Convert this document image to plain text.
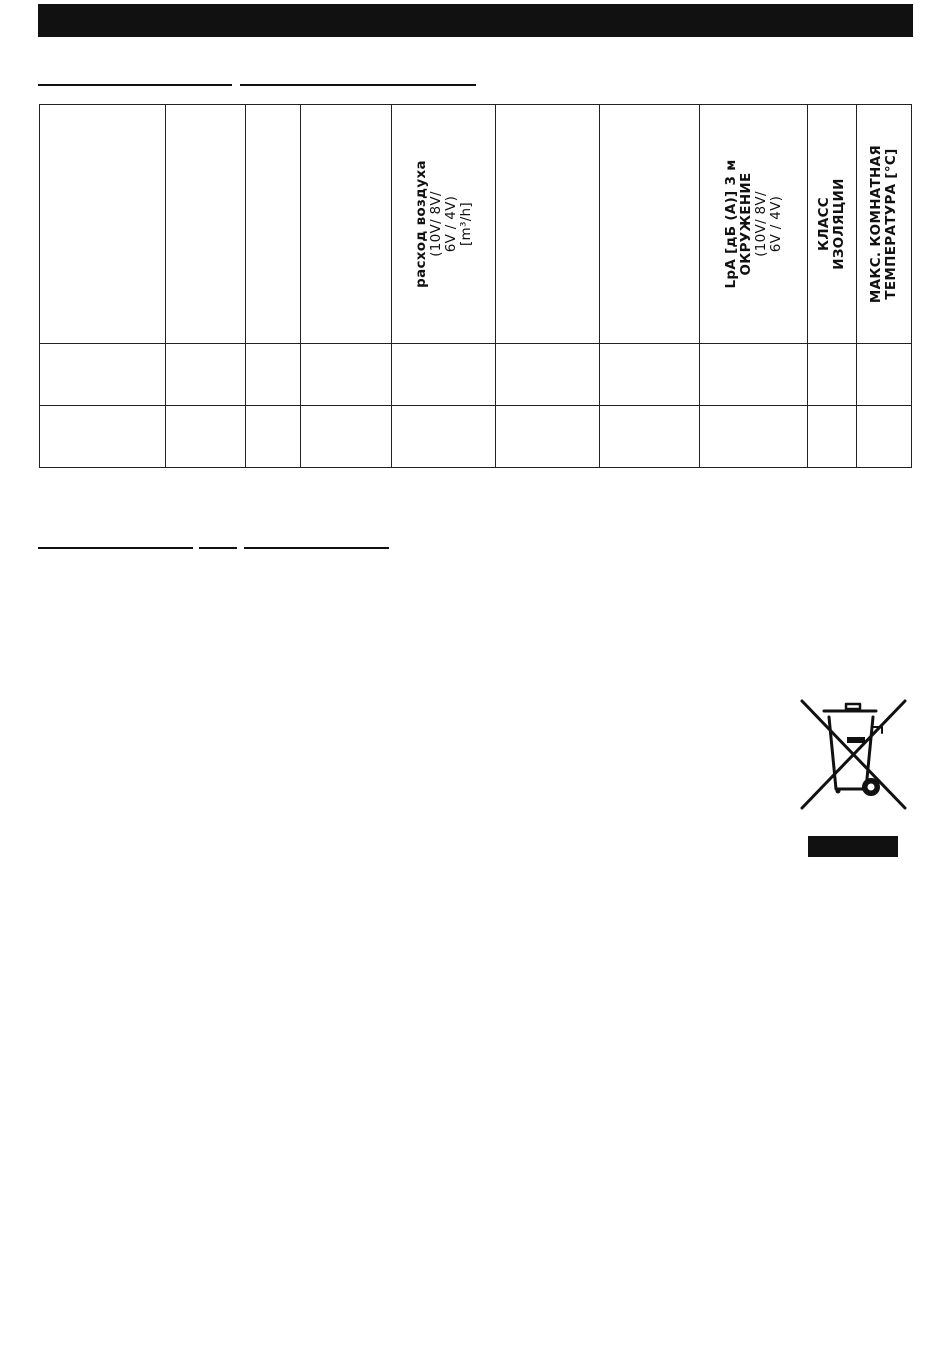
				расход воздуха (10V/ 8V/ 6V / 4V) [m³/h]			LpA [дБ (A)] 3 м ОКРУЖЕНИЕ (10V/ 8V/ 6V / 4V)	КЛАСС ИЗОЛЯЦИИ	МАКС. КОМНАТНАЯ ТЕМПЕРАТУРА [°C]
